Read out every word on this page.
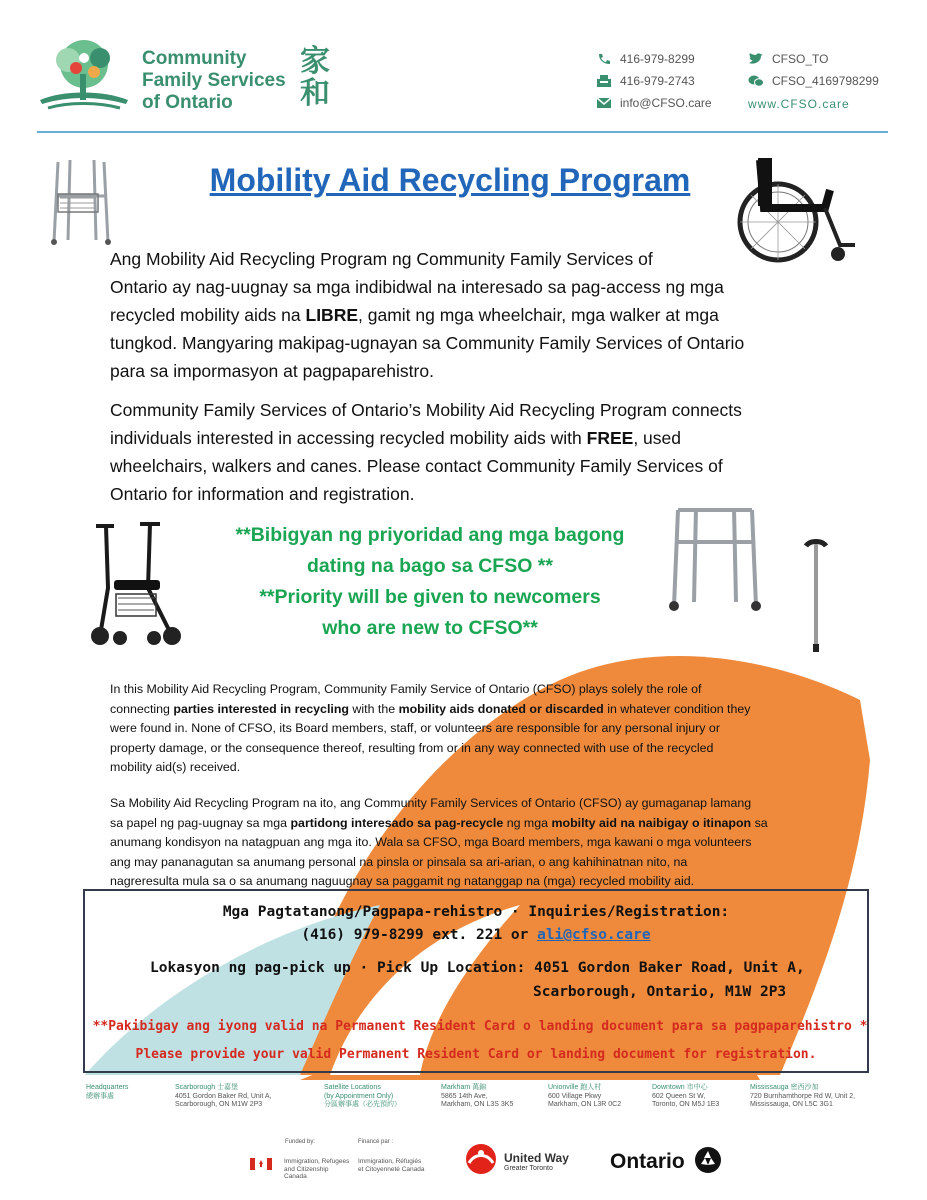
Community
Family Services
of Ontario
家和
416-979-8299
416-979-2743
info@CFSO.care
CFSO_TO
CFSO_4169798299
www.CFSO.care
Mobility Aid Recycling Program
Ang Mobility Aid Recycling Program ng Community Family Services of
Ontario ay nag-uugnay sa mga indibidwal na interesado sa pag-access ng mga
recycled mobility aids na LIBRE, gamit ng mga wheelchair, mga walker at mga
tungkod. Mangyaring makipag-ugnayan sa Community Family Services of Ontario
para sa impormasyon at pagpaparehistro.
Community Family Services of Ontario’s Mobility Aid Recycling Program connects
individuals interested in accessing recycled mobility aids with FREE, used
wheelchairs, walkers and canes. Please contact Community Family Services of
Ontario for information and registration.
**Bibigyan ng priyoridad ang mga bagong
dating na bago sa CFSO **
**Priority will be given to newcomers
who are new to CFSO**
In this Mobility Aid Recycling Program, Community Family Service of Ontario (CFSO) plays solely the role of
connecting parties interested in recycling with the mobility aids donated or discarded in whatever condition they
were found in. None of CFSO, its Board members, staff, or volunteers are responsible for any personal injury or
property damage, or the consequence thereof, resulting from or in any way connected with use of the recycled
mobility aid(s) received.
Sa Mobility Aid Recycling Program na ito, ang Community Family Services of Ontario (CFSO) ay gumaganap lamang
sa papel ng pag-uugnay sa mga partidong interesado sa pag-recycle ng mga mobilty aid na naibigay o itinapon sa
anumang kondisyon na natagpuan ang mga ito. Wala sa CFSO, mga Board members, mga kawani o mga volunteers
ang may pananagutan sa anumang personal na pinsla or pinsala sa ari-arian, o ang kahihinatnan nito, na
nagreresulta mula sa o sa anumang naguugnay sa paggamit ng natanggap na (mga) recycled mobility aid.
Mga Pagtatanong/Pagpapa-rehistro · Inquiries/Registration:
(416) 979-8299 ext. 221 or ali@cfso.care
Lokasyon ng pag-pick up · Pick Up Location: 4051 Gordon Baker Road, Unit A,
Scarborough, Ontario, M1W 2P3
**Pakibigay ang iyong valid na Permanent Resident Card o landing document para sa pagpaparehistro *
Please provide your valid Permanent Resident Card or landing document for registration.
Headquarters
總辦事處
Scarborough 士嘉堡
4051 Gordon Baker Rd, Unit A,
Scarborough, ON M1W 2P3
Satellite Locations
(by Appointment Only)
分區辦事處（必先預約）
Markham 萬錦
5865 14th Ave,
Markham, ON L3S 3K5
Unionville 跑人村
600 Village Pkwy
Markham, ON L3R 0C2
Downtown 市中心
602 Queen St W,
Toronto, ON M5J 1E3
Mississauga 密西沙加
720 Burnhamthorpe Rd W, Unit 2,
Mississauga, ON L5C 3G1
Funded by:	Financé par :
Immigration, Refugees and Citizenship Canada
Immigration, Réfugiés et Citoyenneté Canada
United Way
Greater Toronto	Ontario
